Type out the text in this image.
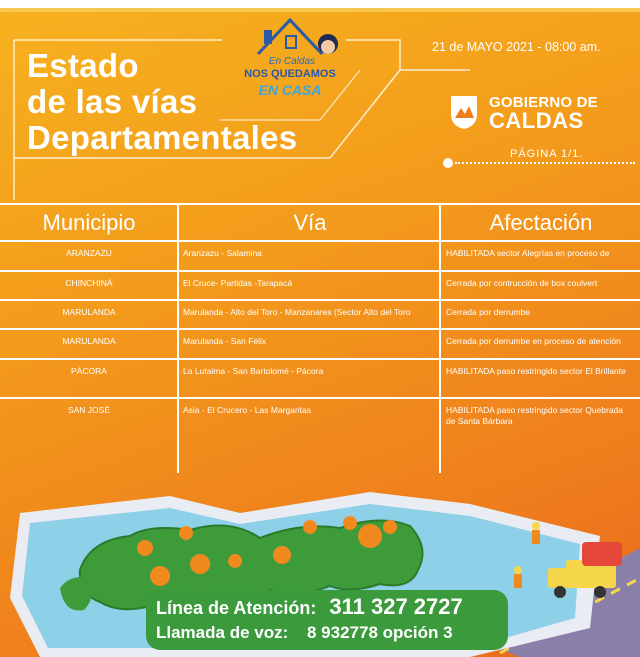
Estado
de las vías
Departamentales
En Caldas
NOS QUEDAMOS
EN CASA
21 de MAYO 2021 - 08:00 am.
GOBIERNO DE
CALDAS
PÁGINA 1/1.
Municipio	Vía	Afectación
ARANZAZU	Aranzazu - Salamina	HABILITADA sector Alegrías en proceso de
CHINCHINÁ	El Cruce- Partidas -Tarapacá	Cerrada por contrucción de box coulvert
MARULANDA	Marulanda - Alto del Toro - Manzanares (Sector Alto del Toro	Cerrada por derrumbe
MARULANDA	Marulanda - San Félix	Cerrada por derrumbe en proceso de atención
PÁCORA	La Lutaima - San Bartolomé - Pácora	HABILITADA paso restringido sector El Brillante
SAN JOSÉ	Asia - El Crucero - Las Margaritas	HABILITADA paso restringido sector Quebrada de Santa Bárbara
Línea de Atención: 311 327 2727
Llamada de voz: 8 932778 opción 3
